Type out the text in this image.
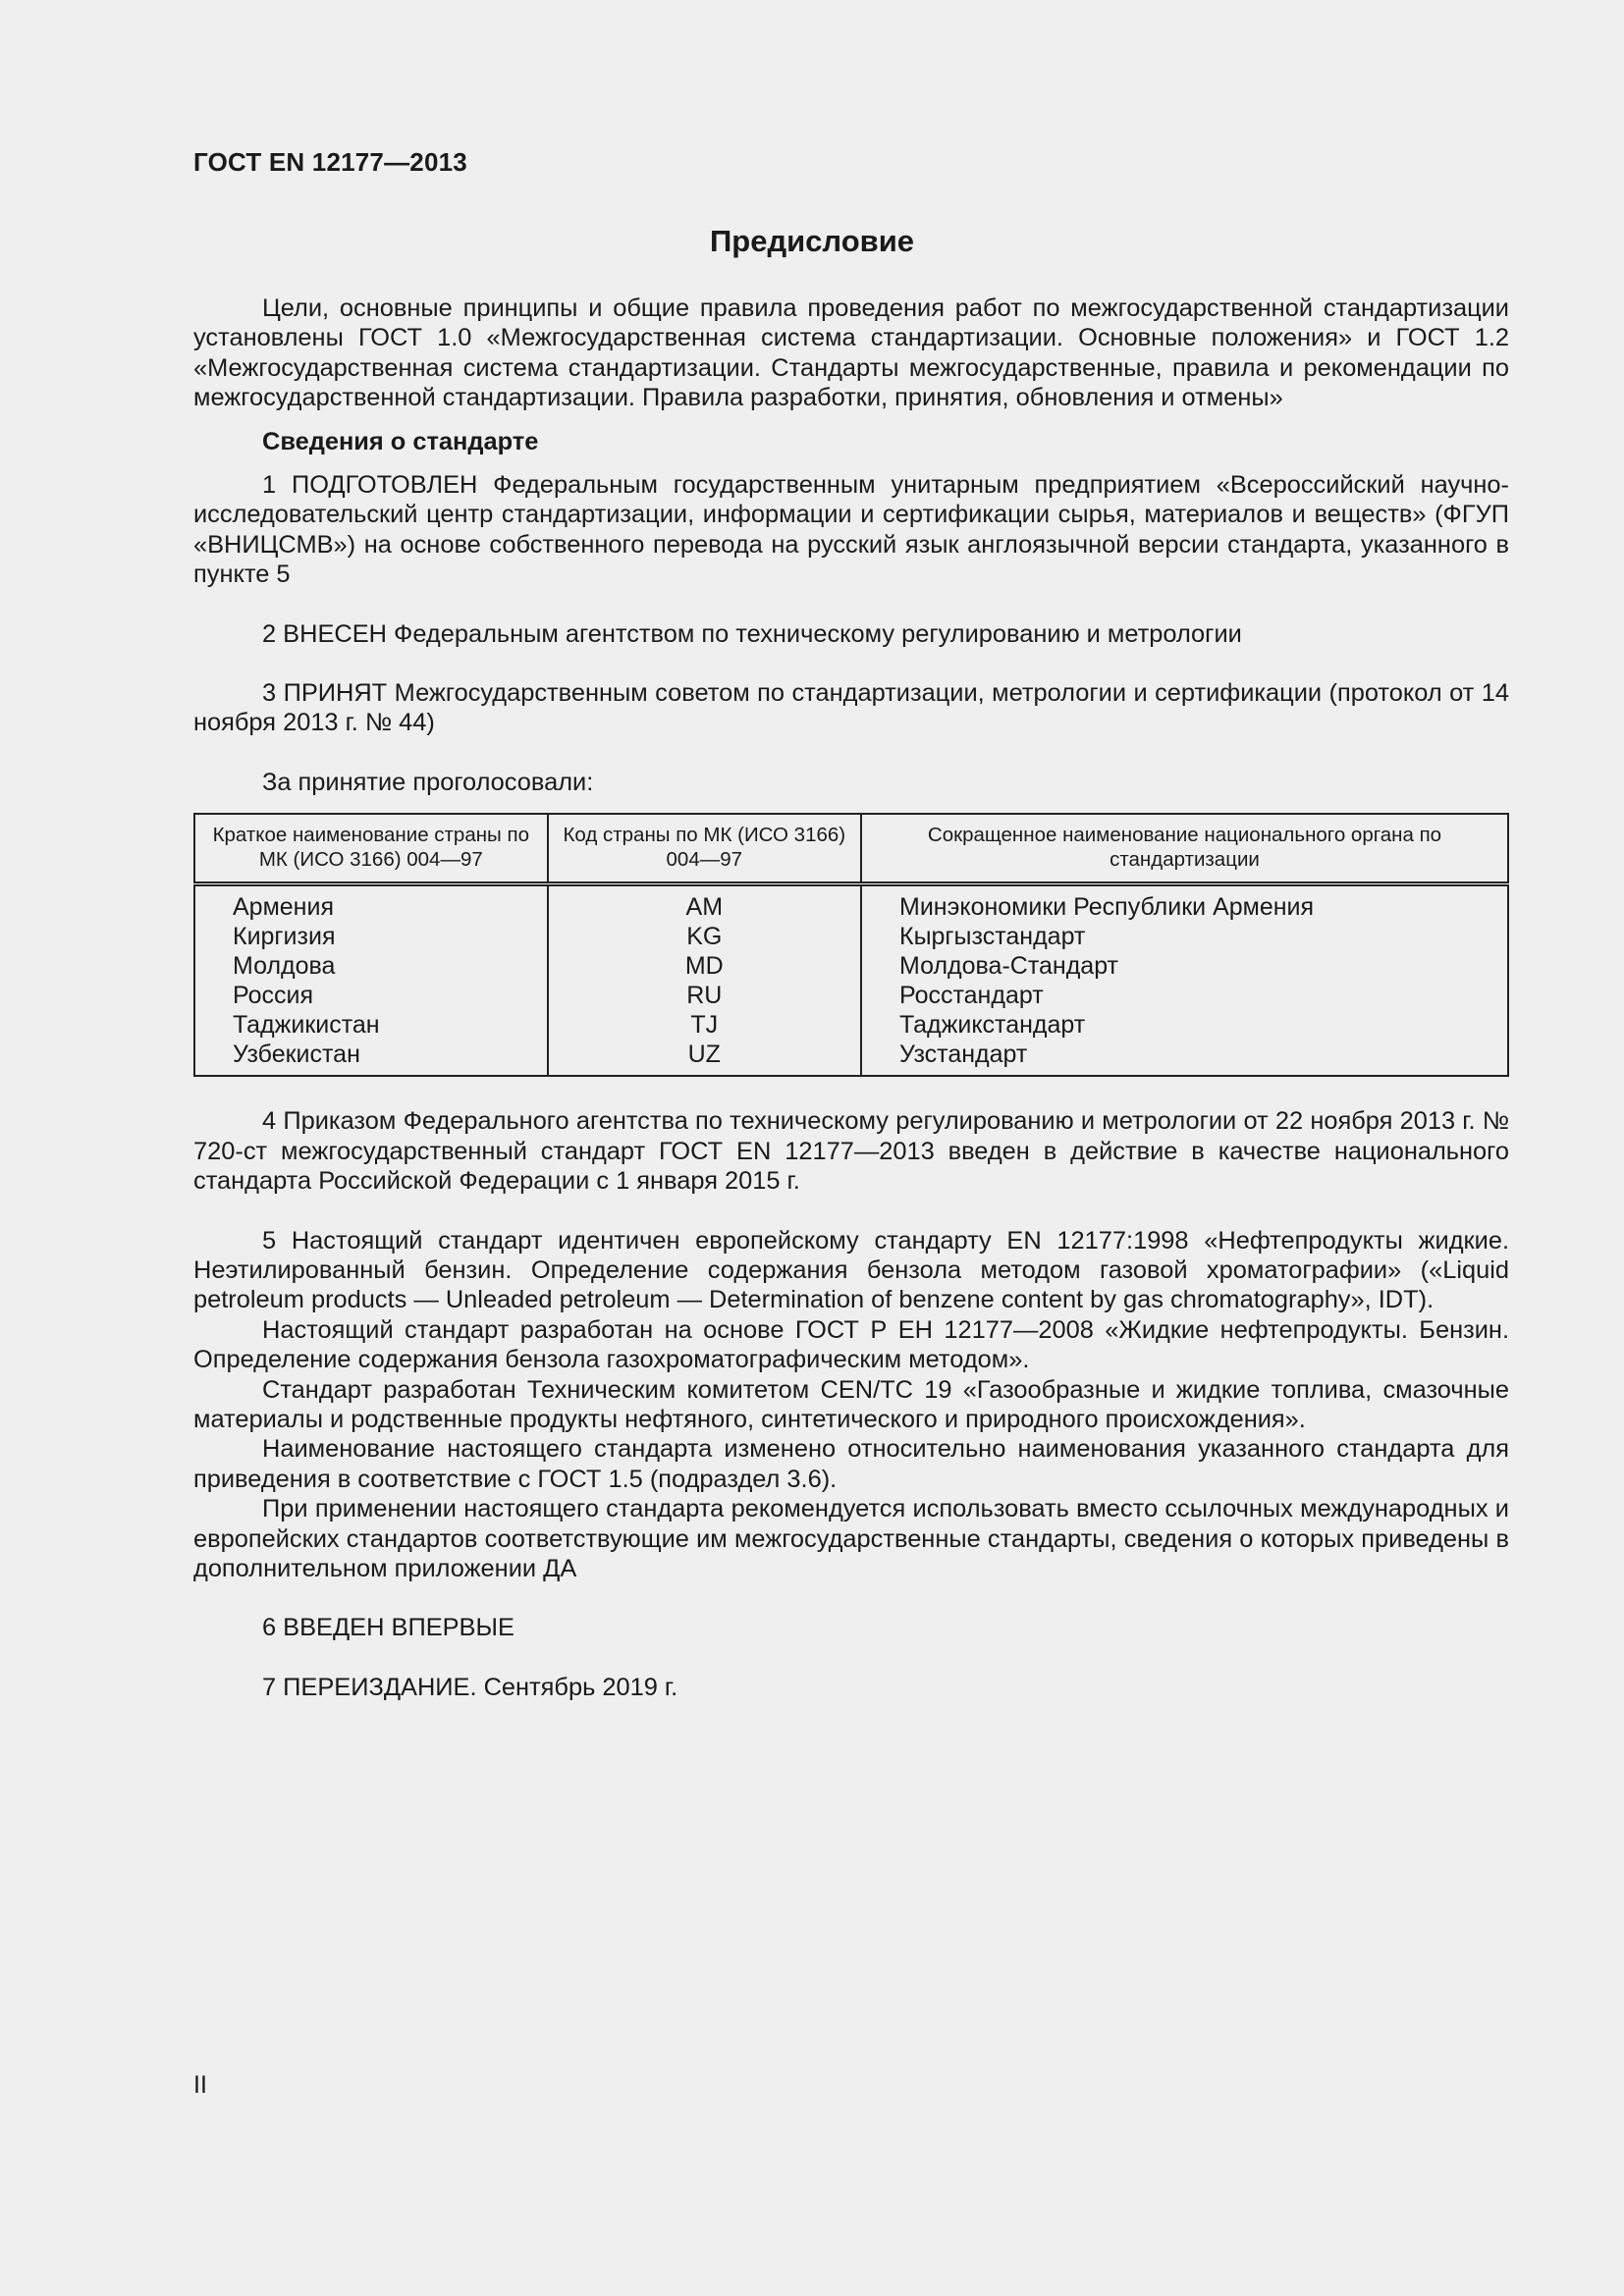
ГОСТ EN 12177—2013
Предисловие

Цели, основные принципы и общие правила проведения работ по межгосударственной стандартизации установлены ГОСТ 1.0 «Межгосударственная система стандартизации. Основные положения» и ГОСТ 1.2 «Межгосударственная система стандартизации. Стандарты межгосударственные, правила и рекомендации по межгосударственной стандартизации. Правила разработки, принятия, обновления и отмены»

Сведения о стандарте

1 ПОДГОТОВЛЕН Федеральным государственным унитарным предприятием «Всероссийский научно-исследовательский центр стандартизации, информации и сертификации сырья, материалов и веществ» (ФГУП «ВНИЦСМВ») на основе собственного перевода на русский язык англоязычной версии стандарта, указанного в пункте 5

2 ВНЕСЕН Федеральным агентством по техническому регулированию и метрологии

3 ПРИНЯТ Межгосударственным советом по стандартизации, метрологии и сертификации (протокол от 14 ноября 2013 г. № 44)

За принятие проголосовали:

Краткое наименование страны по МК (ИСО 3166) 004—97	Код страны по МК (ИСО 3166) 004—97	Сокращенное наименование национального органа по стандартизации
Армения	AM	Минэкономики Республики Армения
Киргизия	KG	Кыргызстандарт
Молдова	MD	Молдова-Стандарт
Россия	RU	Росстандарт
Таджикистан	TJ	Таджикстандарт
Узбекистан	UZ	Узстандарт

4 Приказом Федерального агентства по техническому регулированию и метрологии от 22 ноября 2013 г. № 720-ст межгосударственный стандарт ГОСТ EN 12177—2013 введен в действие в качестве национального стандарта Российской Федерации с 1 января 2015 г.

5 Настоящий стандарт идентичен европейскому стандарту EN 12177:1998 «Нефтепродукты жидкие. Неэтилированный бензин. Определение содержания бензола методом газовой хроматографии» («Liquid petroleum products — Unleaded petroleum — Determination of benzene content by gas chromatography», IDT).

Настоящий стандарт разработан на основе ГОСТ Р ЕН 12177—2008 «Жидкие нефтепродукты. Бензин. Определение содержания бензола газохроматографическим методом».

Стандарт разработан Техническим комитетом CEN/TC 19 «Газообразные и жидкие топлива, смазочные материалы и родственные продукты нефтяного, синтетического и природного происхождения».

Наименование настоящего стандарта изменено относительно наименования указанного стандарта для приведения в соответствие с ГОСТ 1.5 (подраздел 3.6).

При применении настоящего стандарта рекомендуется использовать вместо ссылочных международных и европейских стандартов соответствующие им межгосударственные стандарты, сведения о которых приведены в дополнительном приложении ДА

6 ВВЕДЕН ВПЕРВЫЕ

7 ПЕРЕИЗДАНИЕ. Сентябрь 2019 г.

II
